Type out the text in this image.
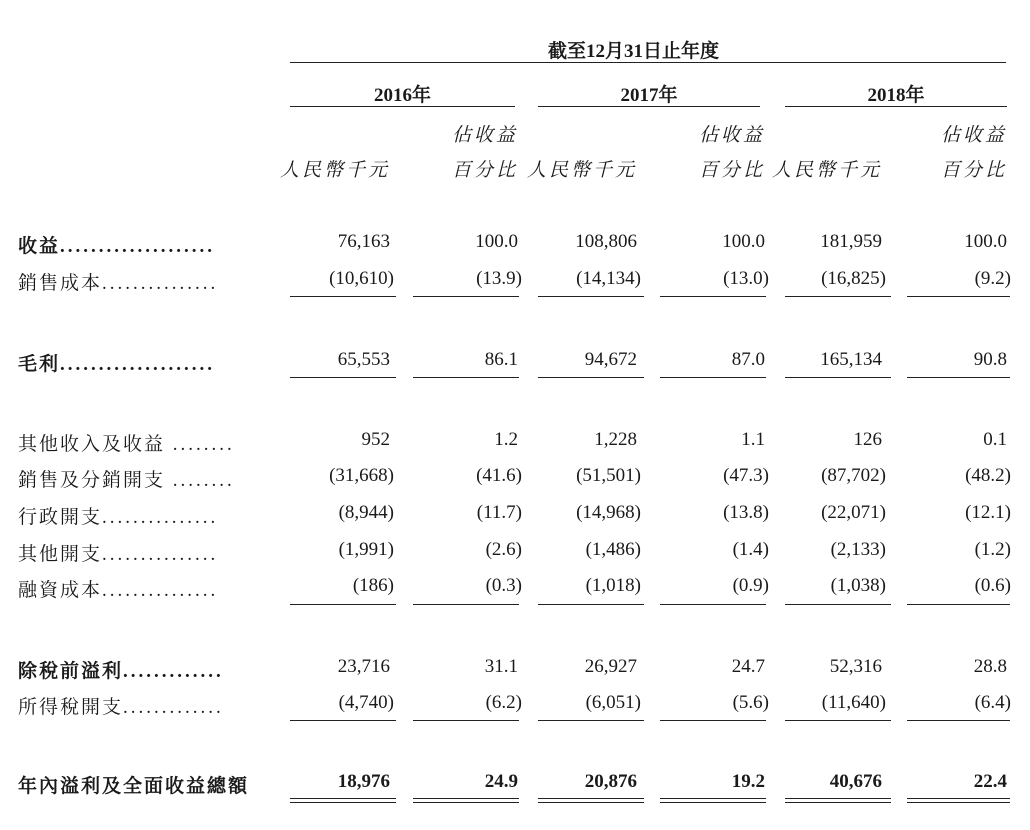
截至12月31日止年度
2016年	2017年	2018年
佔收益	佔收益	佔收益
人民幣千元	百分比 人民幣千元	百分比 人民幣千元	百分比
收益....................	76,163	100.0	108,806	100.0	181,959	100.0
銷售成本...............	(10,610)	(13.9)	(14,134)	(13.0)	(16,825)	(9.2)
毛利....................	65,553	86.1	94,672	87.0	165,134	90.8
其他收入及收益 ........	952	1.2	1,228	1.1	126	0.1
銷售及分銷開支 ........	(31,668)	(41.6)	(51,501)	(47.3)	(87,702)	(48.2)
行政開支...............	(8,944)	(11.7)	(14,968)	(13.8)	(22,071)	(12.1)
其他開支...............	(1,991)	(2.6)	(1,486)	(1.4)	(2,133)	(1.2)
融資成本...............	(186)	(0.3)	(1,018)	(0.9)	(1,038)	(0.6)
除稅前溢利.............	23,716	31.1	26,927	24.7	52,316	28.8
所得稅開支.............	(4,740)	(6.2)	(6,051)	(5.6)	(11,640)	(6.4)
年內溢利及全面收益總額	18,976	24.9	20,876	19.2	40,676	22.4
